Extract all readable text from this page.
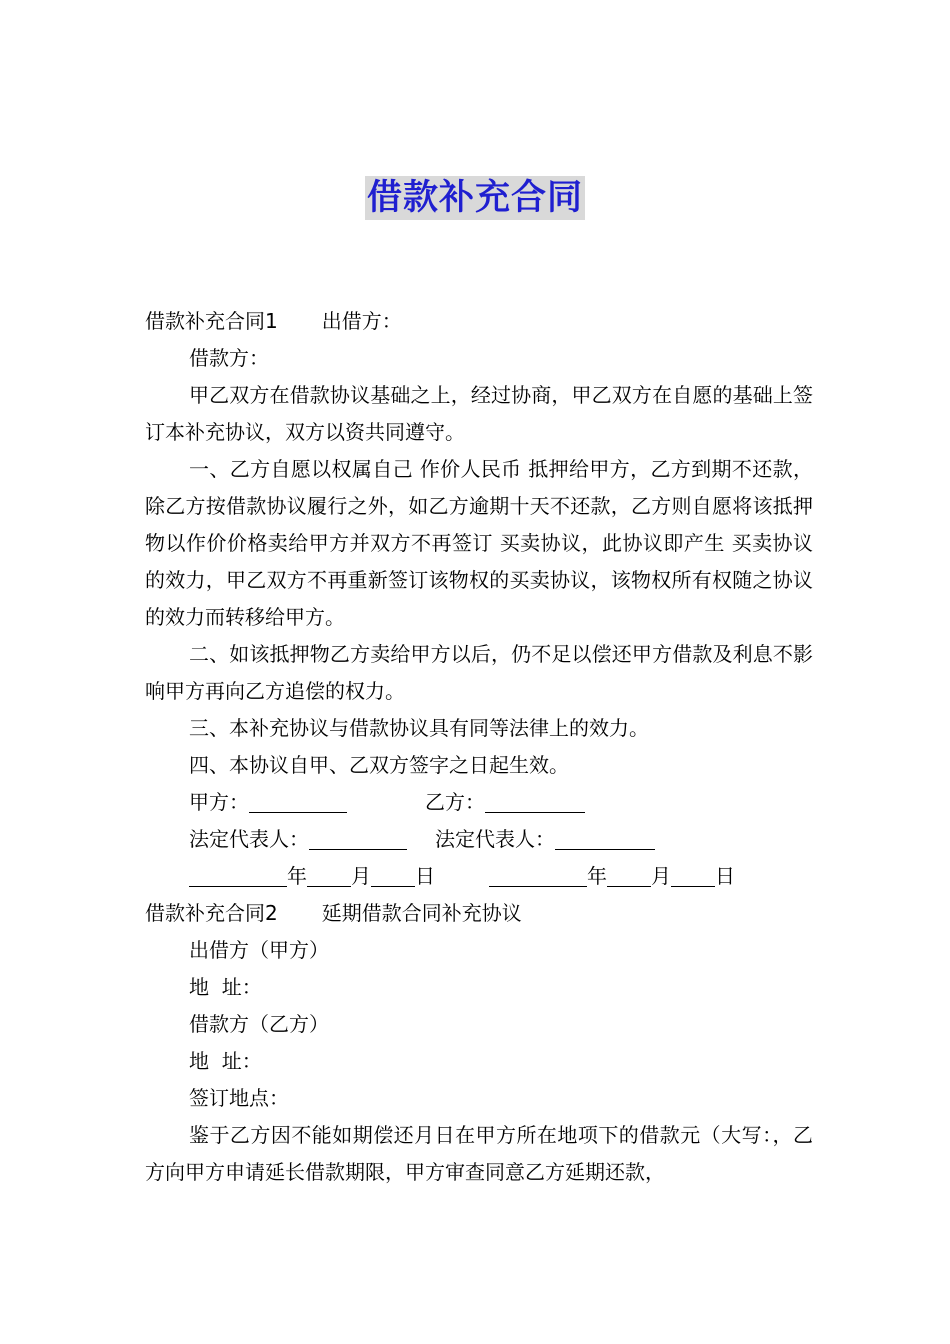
借款补充合同
借款补充合同1 出借方：
借款方：
甲乙双方在借款协议基础之上，经过协商，甲乙双方在自愿的基础上签订本补充协议，双方以资共同遵守。
一、乙方自愿以权属自己 作价人民币 抵押给甲方，乙方到期不还款，除乙方按借款协议履行之外，如乙方逾期十天不还款，乙方则自愿将该抵押物以作价价格卖给甲方并双方不再签订 买卖协议，此协议即产生 买卖协议的效力，甲乙双方不再重新签订该物权的买卖协议，该物权所有权随之协议的效力而转移给甲方。
二、如该抵押物乙方卖给甲方以后，仍不足以偿还甲方借款及利息不影响甲方再向乙方追偿的权力。
三、本补充协议与借款协议具有同等法律上的效力。
四、本协议自甲、乙双方签字之日起生效。
甲方：	乙方：
法定代表人：	法定代表人：
年 月 日	年 月 日
借款补充合同2 延期借款合同补充协议
出借方（甲方）
地  址：
借款方（乙方）
地  址：
签订地点：
鉴于乙方因不能如期偿还月日在甲方所在地项下的借款元（大写：，乙方向甲方申请延长借款期限，甲方审查同意乙方延期还款，
